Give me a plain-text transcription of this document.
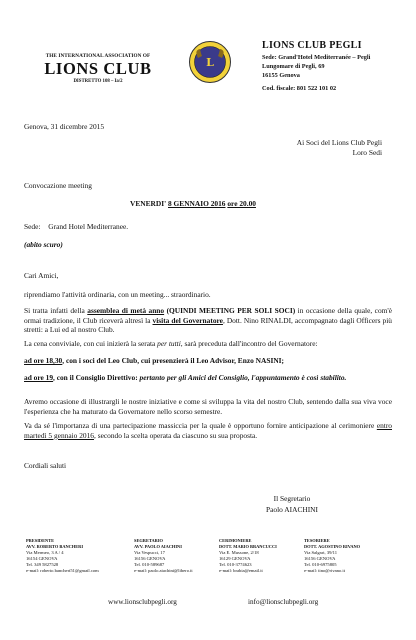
THE INTERNATIONAL ASSOCIATION OF
LIONS CLUB
DISTRETTO 108 – Ia/2
L
LIONS CLUB PEGLI
Sede: Grand'Hotel Mediterranée – Pegli
Lungomare di Pegli, 69
16155 Genova
Cod. fiscale: 801 522 101 02
Genova, 31 dicembre 2015
Ai Soci del Lions Club Pegli
Loro Sedi
Convocazione meeting
VENERDI' 8 GENNAIO 2016 ore 20.00
Sede: Grand Hotel Mediterranee.
(abito scuro)
Cari Amici,
riprendiamo l'attività ordinaria, con un meeting... straordinario.
Si tratta infatti della assemblea di metà anno (QUINDI MEETING PER SOLI SOCI) in occasione della quale, com'è ormai tradizione, il Club riceverà altresì la visita del Governatore, Dott. Nino RINALDI, accompagnato dagli Officers più stretti: a Lui ed al nostro Club.
La cena conviviale, con cui inizierà la serata per tutti, sarà preceduta dall'incontro del Governatore:
ad ore 18,30, con i soci del Leo Club, cui presenzierà il Leo Advisor, Enzo NASINI;
ad ore 19, con il Consiglio Direttivo: pertanto per gli Amici del Consiglio, l'appuntamento è così stabilito.
Avremo occasione di illustrargli le nostre iniziative e come si sviluppa la vita del nostro Club, sentendo dalla sua viva voce l'esperienza che ha maturato da Governatore nello scorso semestre.
Va da sé l'importanza di una partecipazione massiccia per la quale è opportuno fornire anticipazione al cerimoniere entro martedì 5 gennaio 2016, secondo la scelta operata da ciascuno su sua proposta.
Cordiali saluti
Il Segretario
Paolo AIACHINI
PRESIDENTE
AVV. ROBERTO BANCHERI
Via Mermeo, 3 A / 4
16154 GENOVA
Tel. 349 5827528
e-mail: roberto.bancheri51@gmail.com
SEGRETARIO
AVV. PAOLO AIACHINI
Via Vespucci, 17
16156 GENOVA
Tel. 010-589687
e-mail: paolo.aiachini@libero.it
CERIMONIERE
DOTT. MARIO BRANCUCCI
Via E. Mussone, 2/18
16129 GENOVA
Tel. 010-3774623
e-mail: brabia@email.it
TESORIERE
DOTT. AGOSTINO RIVANO
Via Salgari, 39/11
16156 GENOVA
Tel. 010-6975805
e-mail: tino@rivano.it
www.lionsclubpegli.org	info@lionsclubpegli.org
